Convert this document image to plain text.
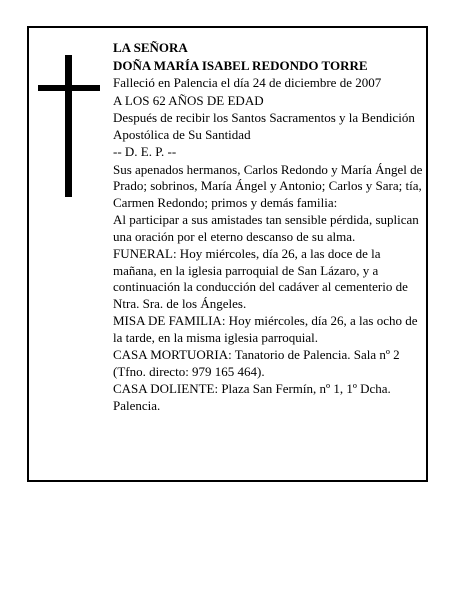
LA SEÑORA

DOÑA MARÍA ISABEL REDONDO TORRE

Falleció en Palencia el día 24 de diciembre de 2007

A LOS 62 AÑOS DE EDAD

Después de recibir los Santos Sacramentos y la Bendición Apostólica de Su Santidad

-- D. E. P. --

Sus apenados hermanos, Carlos Redondo y María Ángel de Prado; sobrinos, María Ángel y Antonio; Carlos y Sara; tía, Carmen Redondo; primos y demás familia:

Al participar a sus amistades tan sensible pérdida, suplican una oración por el eterno descanso de su alma.

FUNERAL: Hoy miércoles, día 26, a las doce de la mañana, en la iglesia parroquial de San Lázaro, y a continuación la conducción del cadáver al cementerio de Ntra. Sra. de los Ángeles.

MISA DE FAMILIA: Hoy miércoles, día 26, a las ocho de la tarde, en la misma iglesia parroquial.

CASA MORTUORIA: Tanatorio de Palencia. Sala nº 2 (Tfno. directo: 979 165 464).

CASA DOLIENTE: Plaza San Fermín, nº 1, 1º Dcha. Palencia.
